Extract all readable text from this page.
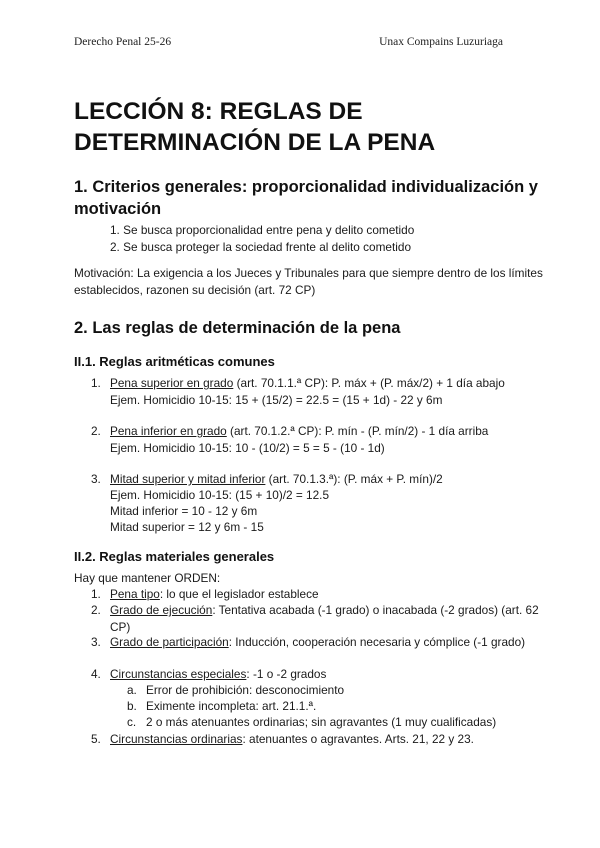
Derecho Penal 25-26	Unax Compains Luzuriaga
LECCIÓN 8: REGLAS DE DETERMINACIÓN DE LA PENA
1. Criterios generales: proporcionalidad individualización y motivación
1. Se busca proporcionalidad entre pena y delito cometido
2. Se busca proteger la sociedad frente al delito cometido

Motivación: La exigencia a los Jueces y Tribunales para que siempre dentro de los límites establecidos, razonen su decisión (art. 72 CP)

2. Las reglas de determinación de la pena
II.1. Reglas aritméticas comunes
1. Pena superior en grado (art. 70.1.1.ª CP): P. máx + (P. máx/2) + 1 día abajo
Ejem. Homicidio 10-15: 15 + (15/2) = 22.5 = (15 + 1d) - 22 y 6m
2. Pena inferior en grado (art. 70.1.2.ª CP): P. mín - (P. mín/2) - 1 día arriba
Ejem. Homicidio 10-15: 10 - (10/2) = 5 = 5 - (10 - 1d)
3. Mitad superior y mitad inferior (art. 70.1.3.ª): (P. máx + P. mín)/2
Ejem. Homicidio 10-15: (15 + 10)/2 = 12.5
Mitad inferior = 10 - 12 y 6m
Mitad superior = 12 y 6m - 15
II.2. Reglas materiales generales
Hay que mantener ORDEN:
1. Pena tipo: lo que el legislador establece
2. Grado de ejecución: Tentativa acabada (-1 grado) o inacabada (-2 grados) (art. 62 CP)
3. Grado de participación: Inducción, cooperación necesaria y cómplice (-1 grado)
4. Circunstancias especiales: -1 o -2 grados
a. Error de prohibición: desconocimiento
b. Eximente incompleta: art. 21.1.ª.
c. 2 o más atenuantes ordinarias; sin agravantes (1 muy cualificadas)
5. Circunstancias ordinarias: atenuantes o agravantes. Arts. 21, 22 y 23.
